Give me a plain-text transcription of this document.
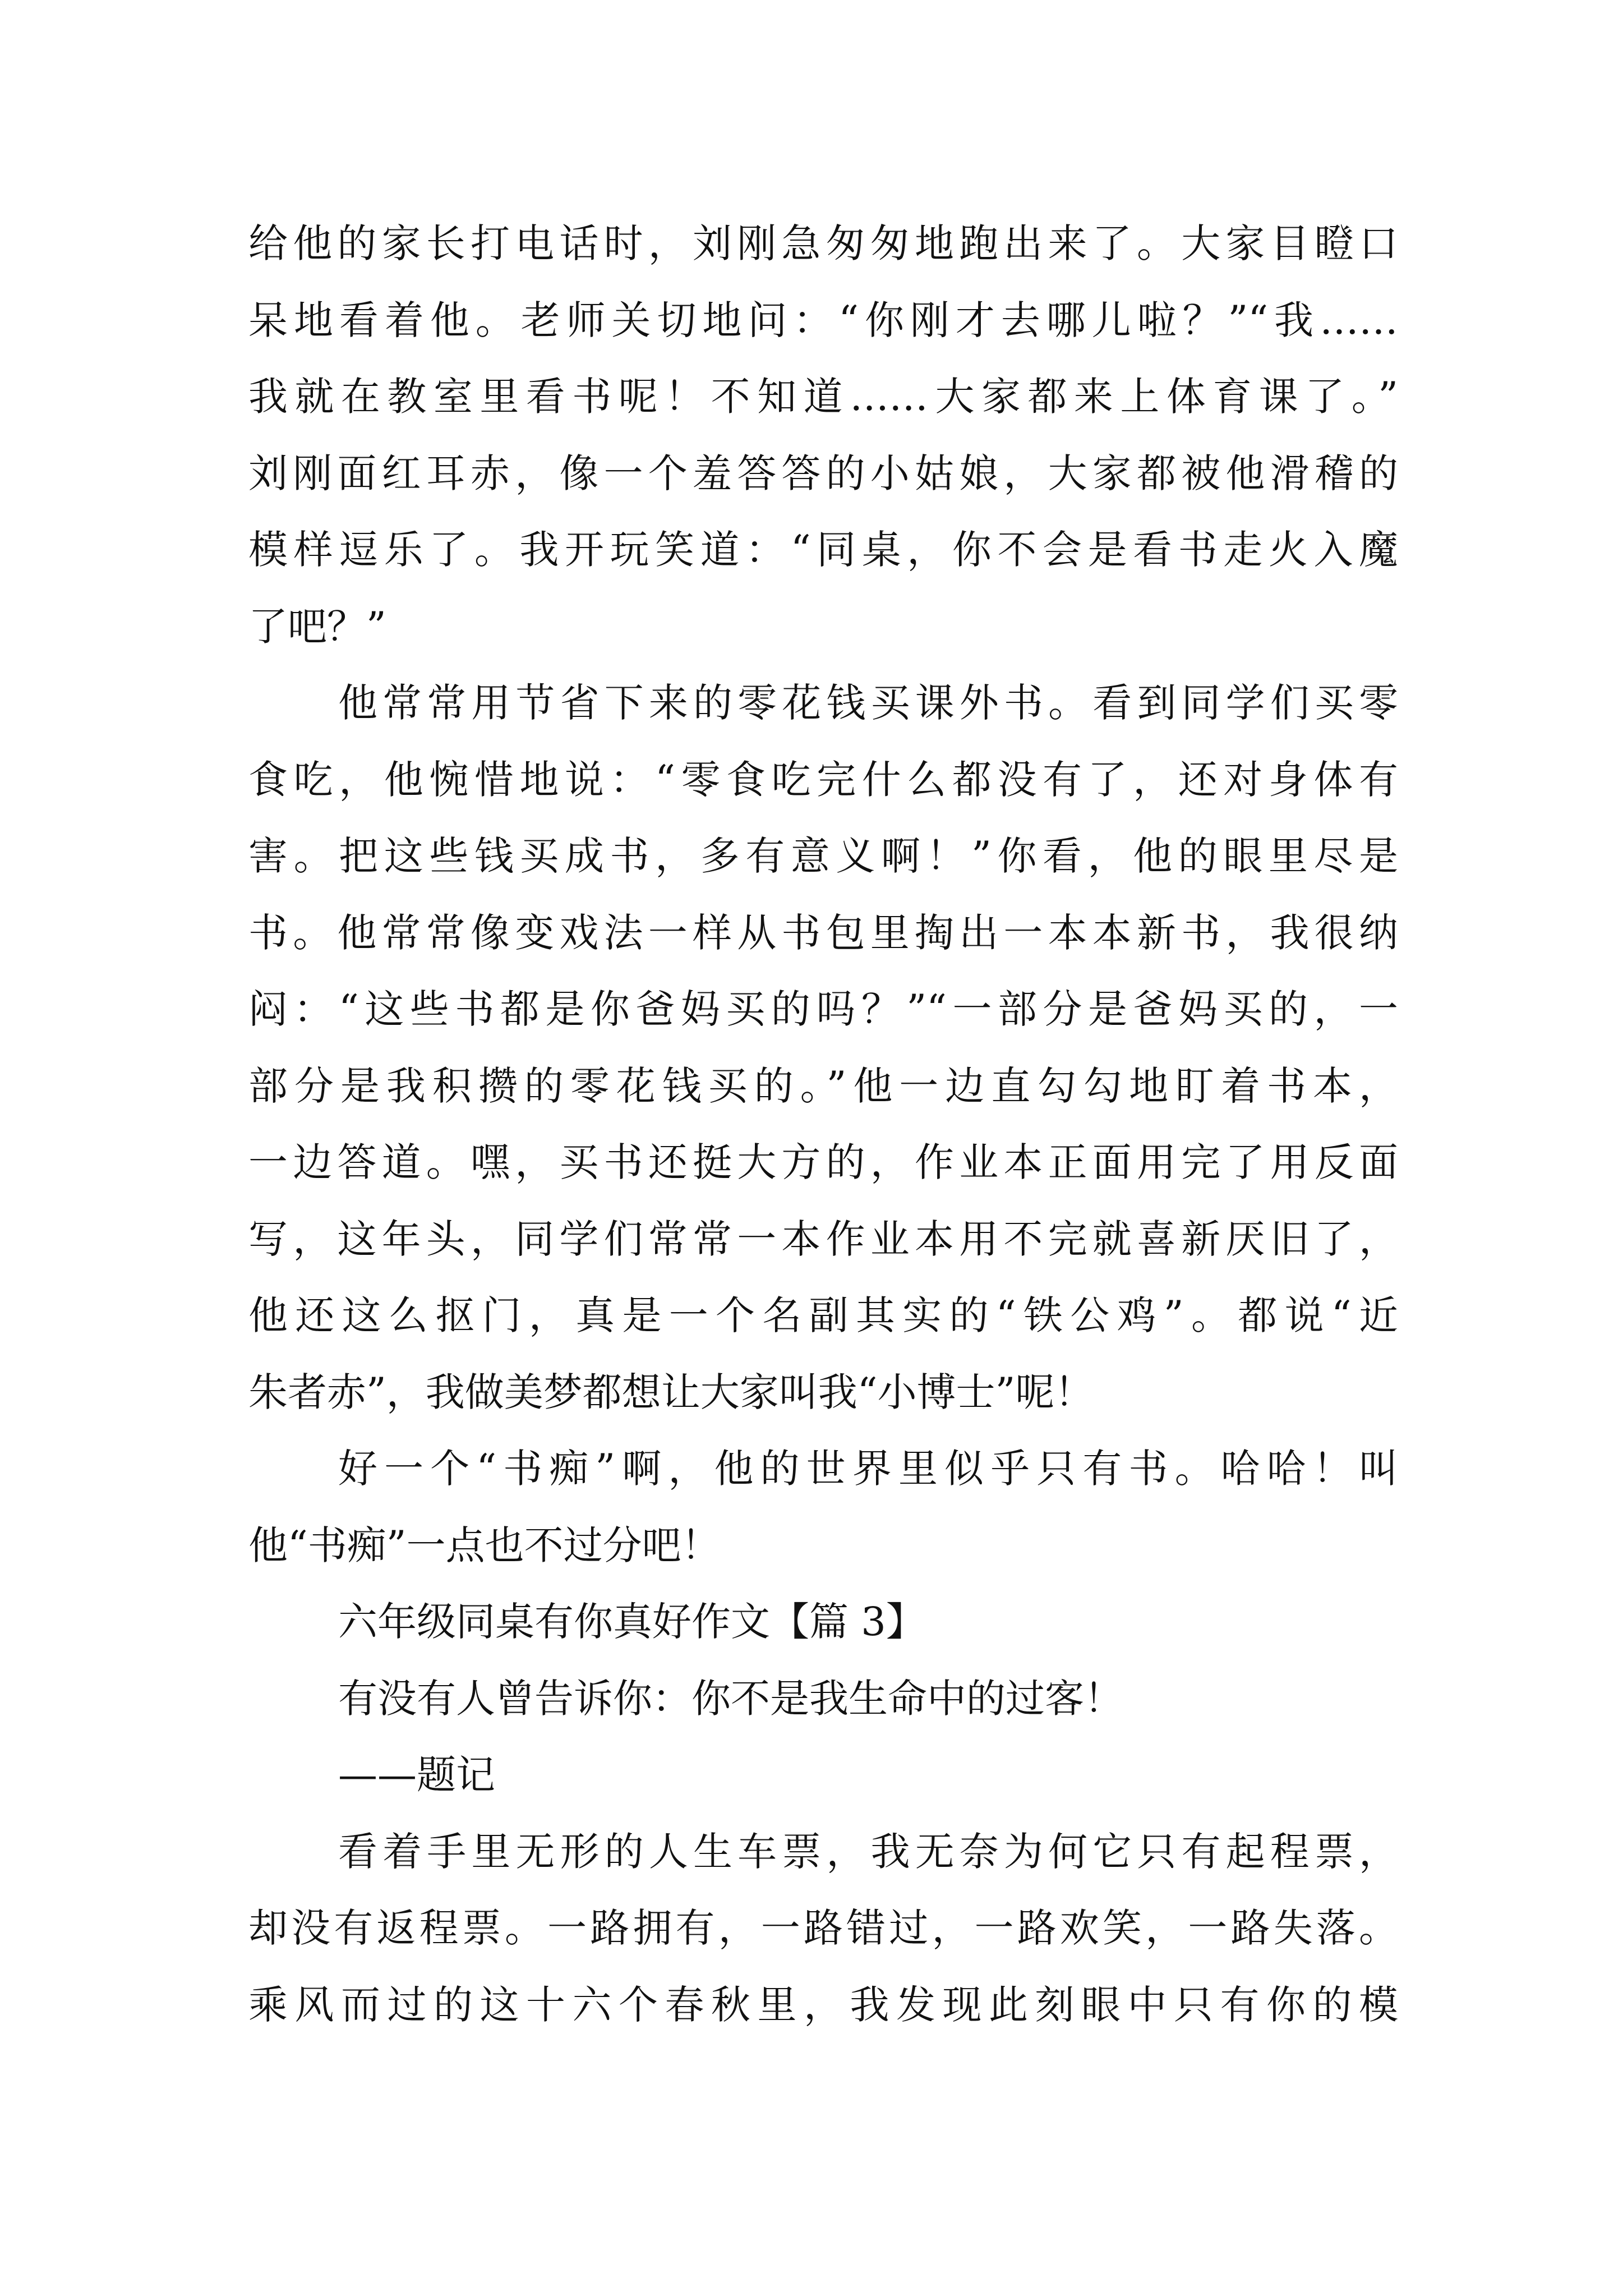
给他的家长打电话时，刘刚急匆匆地跑出来了。大家目瞪口
呆地看着他。老师关切地问：“你刚才去哪儿啦？”“我……
我就在教室里看书呢！不知道……大家都来上体育课了。”
刘刚面红耳赤，像一个羞答答的小姑娘，大家都被他滑稽的
模样逗乐了。我开玩笑道：“同桌，你不会是看书走火入魔
了吧？”
他常常用节省下来的零花钱买课外书。看到同学们买零
食吃，他惋惜地说：“零食吃完什么都没有了，还对身体有
害。把这些钱买成书，多有意义啊！”你看，他的眼里尽是
书。他常常像变戏法一样从书包里掏出一本本新书，我很纳
闷：“这些书都是你爸妈买的吗？”“一部分是爸妈买的，一
部分是我积攒的零花钱买的。”他一边直勾勾地盯着书本，
一边答道。嘿，买书还挺大方的，作业本正面用完了用反面
写，这年头，同学们常常一本作业本用不完就喜新厌旧了，
他还这么抠门，真是一个名副其实的“铁公鸡”。都说“近
朱者赤”，我做美梦都想让大家叫我“小博士”呢！
好一个“书痴”啊，他的世界里似乎只有书。哈哈！叫
他“书痴”一点也不过分吧！
六年级同桌有你真好作文【篇 3】
有没有人曾告诉你：你不是我生命中的过客！
——题记
看着手里无形的人生车票，我无奈为何它只有起程票，
却没有返程票。一路拥有，一路错过，一路欢笑，一路失落。
乘风而过的这十六个春秋里，我发现此刻眼中只有你的模
